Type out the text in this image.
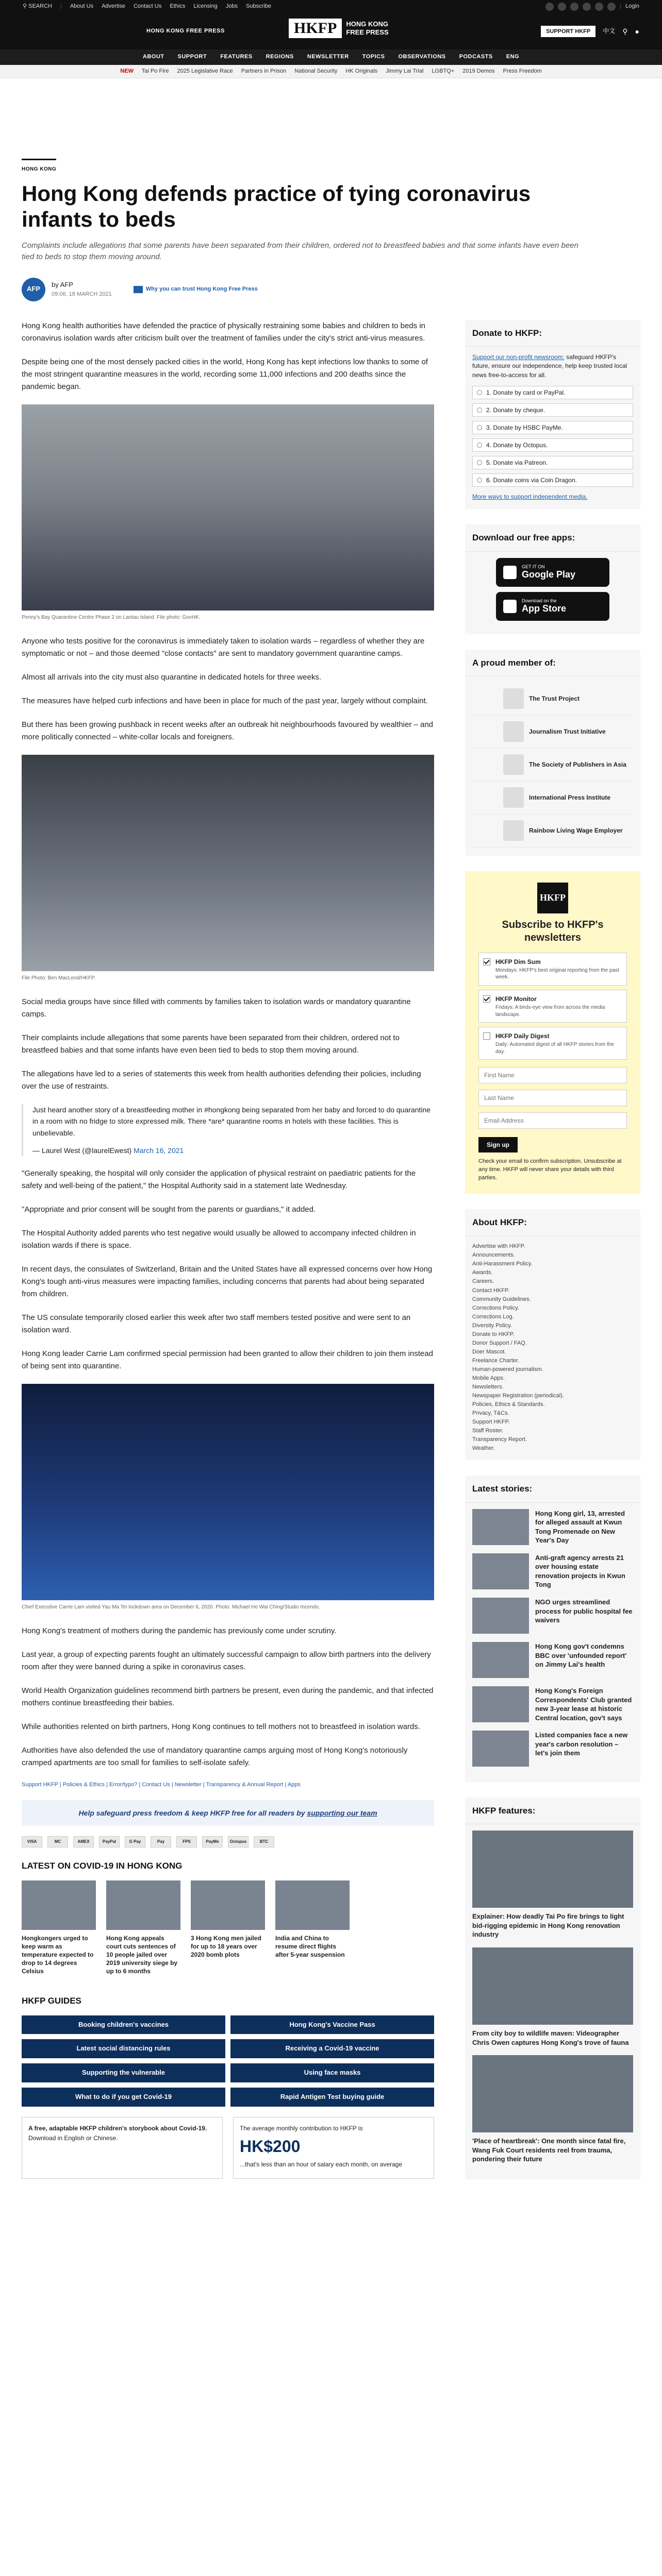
⚲ SEARCH | About Us Advertise Contact Us Ethics Licensing Jobs Subscribe	| Login
HONG KONG FREE PRESS	HKFP	HONG KONG
FREE PRESS	SUPPORT HKFP	中文 ⚲ ●
ABOUT SUPPORT FEATURES REGIONS NEWSLETTER TOPICS OBSERVATIONS PODCASTS ENG
NEW Tai Po Fire 2025 Legislative Race Partners in Prison National Security HK Originals Jimmy Lai Trial LGBTQ+ 2019 Demos Press Freedom
HONG KONG
Hong Kong defends practice of tying coronavirus infants to beds
Complaints include allegations that some parents have been separated from their children, ordered not to breastfeed babies and that some infants have even been tied to beds to stop them moving around.
AFP
by AFP
09:06, 18 MARCH 2021
Why you can trust Hong Kong Free Press

Hong Kong health authorities have defended the practice of physically restraining some babies and children to beds in coronavirus isolation wards after criticism built over the treatment of families under the city's strict anti-virus measures.

Despite being one of the most densely packed cities in the world, Hong Kong has kept infections low thanks to some of the most stringent quarantine measures in the world, recording some 11,000 infections and 200 deaths since the pandemic began.

Penny's Bay Quarantine Centre Phase 2 on Lantau Island. File photo: GovHK.

Anyone who tests positive for the coronavirus is immediately taken to isolation wards – regardless of whether they are symptomatic or not – and those deemed "close contacts" are sent to mandatory government quarantine camps.

Almost all arrivals into the city must also quarantine in dedicated hotels for three weeks.

The measures have helped curb infections and have been in place for much of the past year, largely without complaint.

But there has been growing pushback in recent weeks after an outbreak hit neighbourhoods favoured by wealthier – and more politically connected – white-collar locals and foreigners.

File Photo: Ben MacLeod/HKFP.

Social media groups have since filled with comments by families taken to isolation wards or mandatory quarantine camps.

Their complaints include allegations that some parents have been separated from their children, ordered not to breastfeed babies and that some infants have even been tied to beds to stop them moving around.

The allegations have led to a series of statements this week from health authorities defending their policies, including over the use of restraints.

Just heard another story of a breastfeeding mother in #hongkong being separated from her baby and forced to do quarantine in a room with no fridge to store expressed milk. There *are* quarantine rooms in hotels with these facilities. This is unbelievable.
— Laurel West (@laurelEwest) March 16, 2021

"Generally speaking, the hospital will only consider the application of physical restraint on paediatric patients for the safety and well-being of the patient," the Hospital Authority said in a statement late Wednesday.

"Appropriate and prior consent will be sought from the parents or guardians," it added.

The Hospital Authority added parents who test negative would usually be allowed to accompany infected children in isolation wards if there is space.

In recent days, the consulates of Switzerland, Britain and the United States have all expressed concerns over how Hong Kong's tough anti-virus measures were impacting families, including concerns that parents had about being separated from children.

The US consulate temporarily closed earlier this week after two staff members tested positive and were sent to an isolation ward.

Hong Kong leader Carrie Lam confirmed special permission had been granted to allow their children to join them instead of being sent into quarantine.

Chief Executive Carrie Lam visited Yau Ma Tei lockdown area on December 6, 2020. Photo: Michael Ho Wai Ching/Studio Incendo.

Hong Kong's treatment of mothers during the pandemic has previously come under scrutiny.

Last year, a group of expecting parents fought an ultimately successful campaign to allow birth partners into the delivery room after they were banned during a spike in coronavirus cases.

World Health Organization guidelines recommend birth partners be present, even during the pandemic, and that infected mothers continue breastfeeding their babies.

While authorities relented on birth partners, Hong Kong continues to tell mothers not to breastfeed in isolation wards.

Authorities have also defended the use of mandatory quarantine camps arguing most of Hong Kong's notoriously cramped apartments are too small for families to self-isolate safely.

Support HKFP | Policies & Ethics | Error/typo? | Contact Us | Newsletter | Transparency & Annual Report | Apps
Help safeguard press freedom & keep HKFP free for all readers by supporting our team
VISA	MC	AMEX	PayPal	G Pay	Pay	FPS	PayMe	Octopus	BTC
LATEST ON COVID-19 IN HONG KONG
Hongkongers urged to keep warm as temperature expected to drop to 14 degrees Celsius
Hong Kong appeals court cuts sentences of 10 people jailed over 2019 university siege by up to 6 months
3 Hong Kong men jailed for up to 18 years over 2020 bomb plots
India and China to resume direct flights after 5-year suspension
HKFP GUIDES
Booking children's vaccines	Hong Kong's Vaccine Pass
Latest social distancing rules	Receiving a Covid-19 vaccine
Supporting the vulnerable	Using face masks
What to do if you get Covid-19	Rapid Antigen Test buying guide
A free, adaptable HKFP children's storybook about Covid-19.
Download in English or Chinese.
The average monthly contribution to HKFP is
HK$200
...that's less than an hour of salary each month, on average
Donate to HKFP:
Support our non-profit newsroom: safeguard HKFP's future, ensure our independence, help keep trusted local news free-to-access for all.
1. Donate by card or PayPal.
2. Donate by cheque.
3. Donate by HSBC PayMe.
4. Donate by Octopus.
5. Donate via Patreon.
6. Donate coins via Coin Dragon.
More ways to support independent media.
Download our free apps:
GET IT ON
Google Play
Download on the
App Store
A proud member of:
The Trust Project
Journalism Trust Initiative
The Society of Publishers in Asia
International Press Institute
Rainbow Living Wage Employer
HKFP
Subscribe to HKFP's newsletters
HKFP Dim Sum
Mondays: HKFP's best original reporting from the past week.
HKFP Monitor
Fridays: A birds-eye view from across the media landscape.
HKFP Daily Digest
Daily: Automated digest of all HKFP stories from the day.
First Name Last Name Email Address
Sign up
Check your email to confirm subscription. Unsubscribe at any time. HKFP will never share your details with third parties.
About HKFP:
Advertise with HKFP.
Announcements.
Anti-Harassment Policy.
Awards.
Careers.
Contact HKFP.
Community Guidelines.
Corrections Policy.
Corrections Log.
Diversity Policy.
Donate to HKFP.
Donor Support / FAQ.
Doer Mascot.
Freelance Charter.
Human-powered journalism.
Mobile Apps.
Newsletters.
Newspaper Registration (periodical).
Policies, Ethics & Standards.
Privacy, T&Cs.
Support HKFP.
Staff Roster.
Transparency Report.
Weather.
Latest stories:
Hong Kong girl, 13, arrested for alleged assault at Kwun Tong Promenade on New Year's Day
Anti-graft agency arrests 21 over housing estate renovation projects in Kwun Tong
NGO urges streamlined process for public hospital fee waivers
Hong Kong gov't condemns BBC over 'unfounded report' on Jimmy Lai's health
Hong Kong's Foreign Correspondents' Club granted new 3-year lease at historic Central location, gov't says
Listed companies face a new year's carbon resolution – let's join them
HKFP features:
Explainer: How deadly Tai Po fire brings to light bid-rigging epidemic in Hong Kong renovation industry
From city boy to wildlife maven: Videographer Chris Owen captures Hong Kong's trove of fauna
'Place of heartbreak': One month since fatal fire, Wang Fuk Court residents reel from trauma, pondering their future
